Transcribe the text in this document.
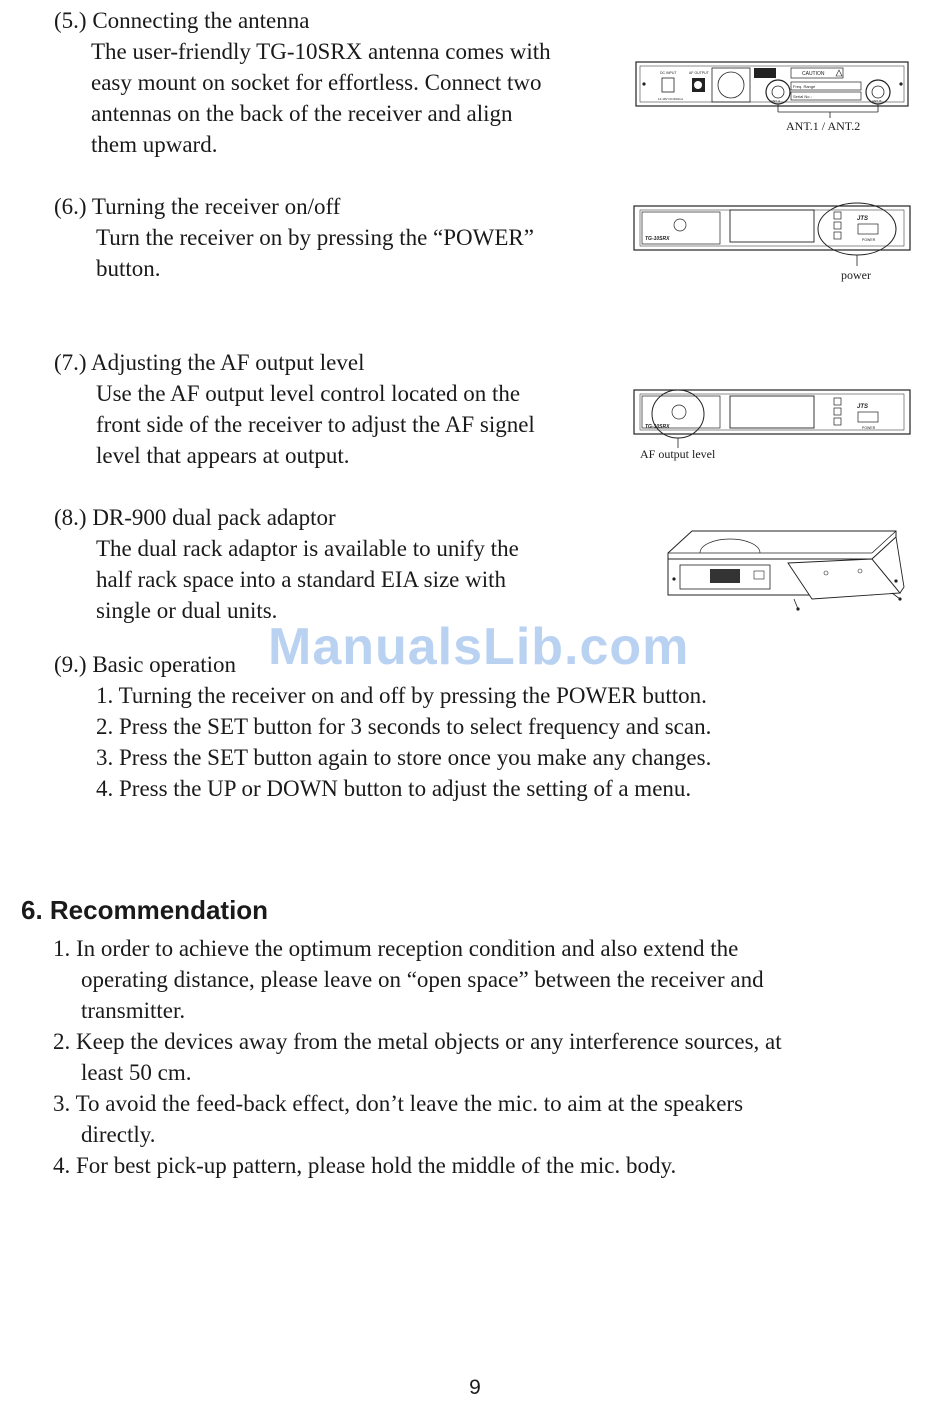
(5.) Connecting the antenna
The user-friendly TG-10SRX antenna comes with
easy mount on socket for effortless. Connect two
antennas on the back of the receiver and align
them upward.
DC INPUT
12-18V DC/300mA
AF OUTPUT
ANT. A
CAUTION
Freq. Range
Serial No.:
ANT. B
ANT.1 / ANT.2
(6.) Turning the receiver on/off
Turn the receiver on by pressing the “POWER”
button.
TG-10SRX
JTS
POWER
power
(7.) Adjusting the AF output level
Use the AF output level control located on the
front side of the receiver to adjust the AF signel
level that appears at output.
TG-10SRX
JTS
POWER
AF output level
(8.) DR-900 dual pack adaptor
The dual rack adaptor is available to unify the
half rack space into a standard EIA size with
single or dual units.
ManualsLib.com
(9.) Basic operation
1. Turning the receiver on and off by pressing the POWER button.
2. Press the SET button for 3 seconds to select frequency and scan.
3. Press the SET button again to store once you make any changes.
4. Press the UP or DOWN button to adjust the setting of a menu.
6. Recommendation
1. In order to achieve the optimum reception condition and also extend the
operating distance, please leave on “open space” between the receiver and
transmitter.
2. Keep the devices away from the metal objects or any interference sources, at
least 50 cm.
3. To avoid the feed-back effect, don’t leave the mic. to aim at the speakers
directly.
4. For best pick-up pattern, please hold the middle of the mic. body.
9
